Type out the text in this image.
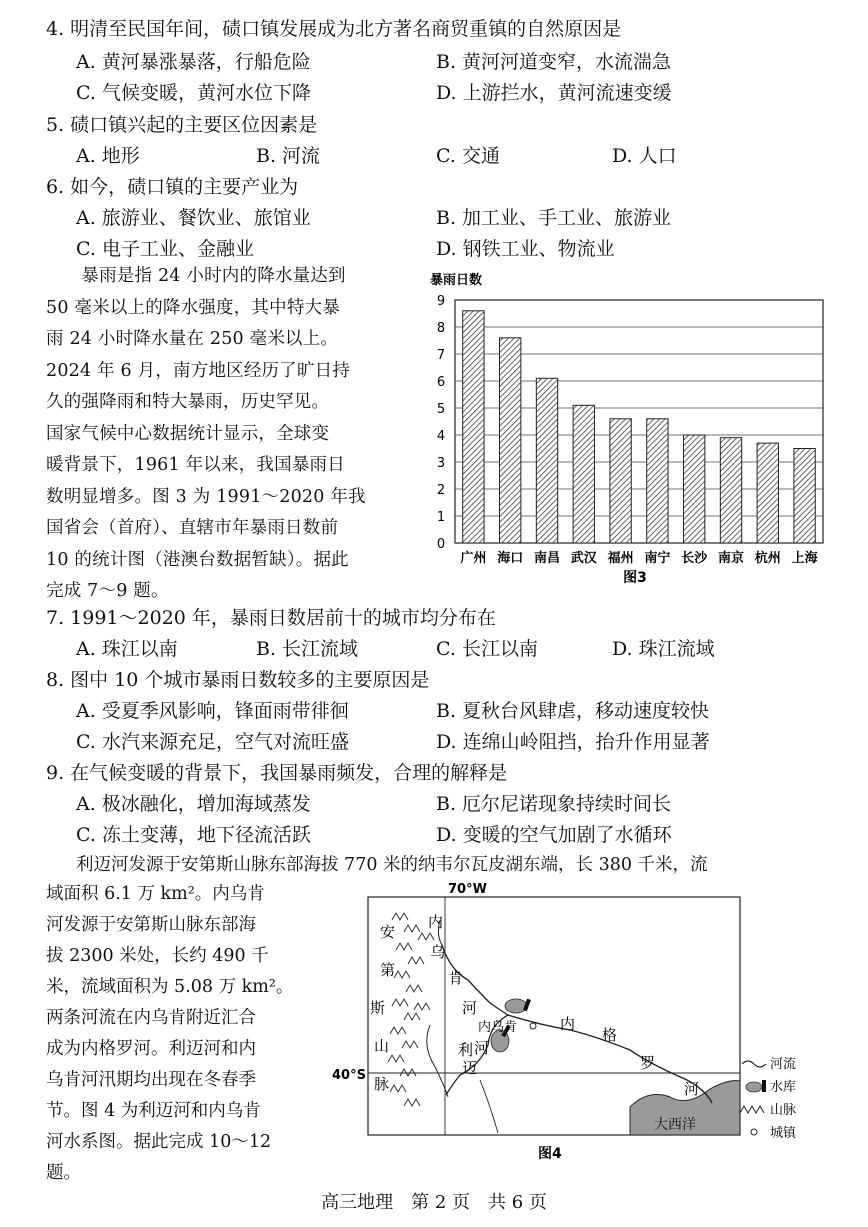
4. 明清至民国年间，碛口镇发展成为北方著名商贸重镇的自然原因是
A. 黄河暴涨暴落，行船危险	B. 黄河河道变窄，水流湍急
C. 气候变暖，黄河水位下降	D. 上游拦水，黄河流速变缓
5. 碛口镇兴起的主要区位因素是
A. 地形	B. 河流	C. 交通	D. 人口
6. 如今，碛口镇的主要产业为
A. 旅游业、餐饮业、旅馆业	B. 加工业、手工业、旅游业
C. 电子工业、金融业	D. 钢铁工业、物流业

　　暴雨是指 24 小时内的降水量达到

50 毫米以上的降水强度，其中特大暴

雨 24 小时降水量在 250 毫米以上。

2024 年 6 月，南方地区经历了旷日持

久的强降雨和特大暴雨，历史罕见。

国家气候中心数据统计显示，全球变

暖背景下，1961 年以来，我国暴雨日

数明显增多。图 3 为 1991～2020 年我

国省会（首府）、直辖市年暴雨日数前

10 的统计图（港澳台数据暂缺）。据此

完成 7～9 题。

暴雨日数
0
1
2
3
4
5
6
7
8
9
广州 海口 南昌 武汉 福州 南宁 长沙 南京 杭州 上海
图3
7. 1991～2020 年，暴雨日数居前十的城市均分布在
A. 珠江以南	B. 长江流域	C. 长江以南	D. 珠江流域
8. 图中 10 个城市暴雨日数较多的主要原因是
A. 受夏季风影响，锋面雨带徘徊	B. 夏秋台风肆虐，移动速度较快
C. 水汽来源充足，空气对流旺盛	D. 连绵山岭阻挡，抬升作用显著
9. 在气候变暖的背景下，我国暴雨频发，合理的解释是
A. 极冰融化，增加海域蒸发	B. 厄尔尼诺现象持续时间长
C. 冻土变薄，地下径流活跃	D. 变暖的空气加剧了水循环
利迈河发源于安第斯山脉东部海拔 770 米的纳韦尔瓦皮湖东端，长 380 千米，流

域面积 6.1 万 km²。内乌肯

河发源于安第斯山脉东部海

拔 2300 米处，长约 490 千

米，流域面积为 5.08 万 km²。

两条河流在内乌肯附近汇合

成为内格罗河。利迈河和内

乌肯河汛期均出现在冬春季

节。图 4 为利迈河和内乌肯

河水系图。据此完成 10～12

题。

70°W
40°S
大西洋
内乌肯
安
第
斯
山
脉
内
乌
肯
河
利
迈
河
内
格
罗
河
图4
河流
水库
山脉
城镇
高三地理　第 2 页　共 6 页
